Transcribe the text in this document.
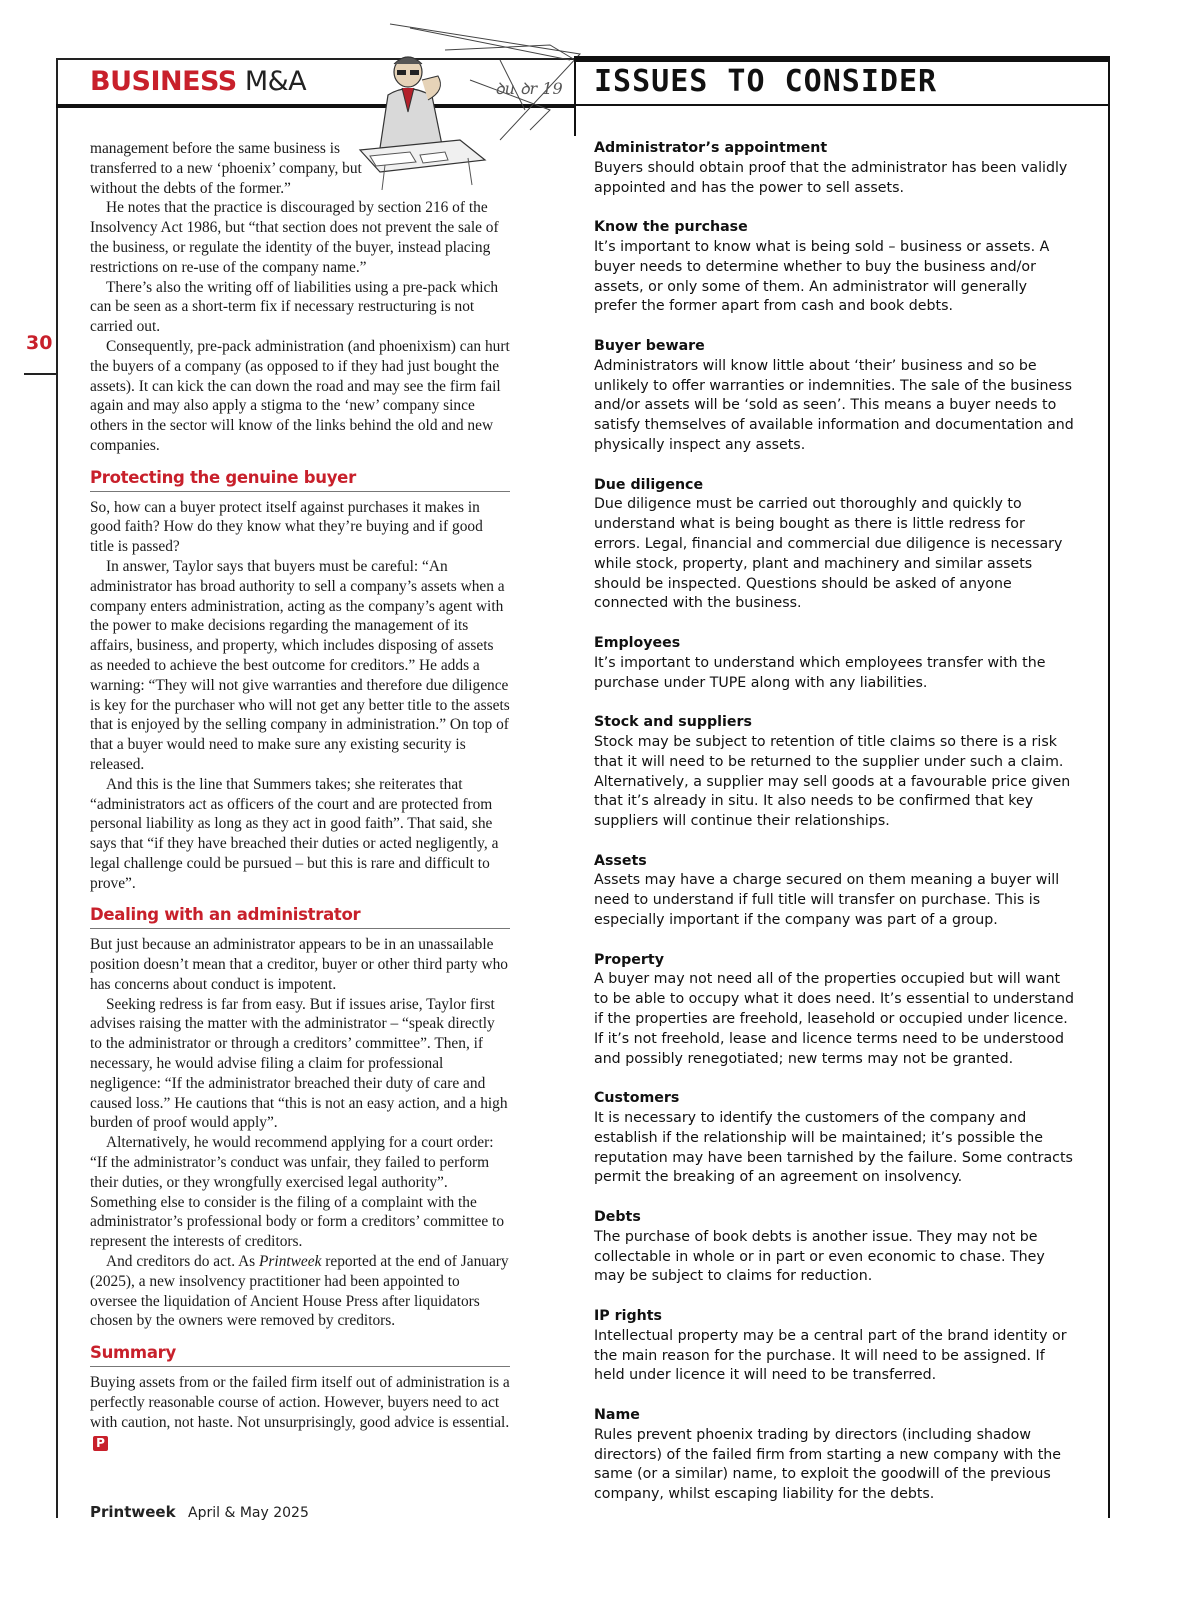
30
BUSINESS M&A	ꝺu ꝺr 19

management before the same business is transferred to a new ‘phoenix’ company, but without the debts of the former.”

He notes that the practice is discouraged by section 216 of the Insolvency Act 1986, but “that section does not prevent the sale of the business, or regulate the identity of the buyer, instead placing restrictions on re-use of the company name.”

There’s also the writing off of liabilities using a pre-pack which can be seen as a short-term fix if necessary restructuring is not carried out.

Consequently, pre-pack administration (and phoenixism) can hurt the buyers of a company (as opposed to if they had just bought the assets). It can kick the can down the road and may see the firm fail again and may also apply a stigma to the ‘new’ company since others in the sector will know of the links behind the old and new companies.

Protecting the genuine buyer

So, how can a buyer protect itself against purchases it makes in good faith? How do they know what they’re buying and if good title is passed?

In answer, Taylor says that buyers must be careful: “An administrator has broad authority to sell a company’s assets when a company enters administration, acting as the company’s agent with the power to make decisions regarding the management of its affairs, business, and property, which includes disposing of assets as needed to achieve the best outcome for creditors.” He adds a warning: “They will not give warranties and therefore due diligence is key for the purchaser who will not get any better title to the assets that is enjoyed by the selling company in administration.” On top of that a buyer would need to make sure any existing security is released.

And this is the line that Summers takes; she reiterates that “administrators act as officers of the court and are protected from personal liability as long as they act in good faith”. That said, she says that “if they have breached their duties or acted negligently, a legal challenge could be pursued – but this is rare and difficult to prove”.

Dealing with an administrator

But just because an administrator appears to be in an unassailable position doesn’t mean that a creditor, buyer or other third party who has concerns about conduct is impotent.

Seeking redress is far from easy. But if issues arise, Taylor first advises raising the matter with the administrator – “speak directly to the administrator or through a creditors’ committee”. Then, if necessary, he would advise filing a claim for professional negligence: “If the administrator breached their duty of care and caused loss.” He cautions that “this is not an easy action, and a high burden of proof would apply”.

Alternatively, he would recommend applying for a court order: “If the administrator’s conduct was unfair, they failed to perform their duties, or they wrongfully exercised legal authority”. Something else to consider is the filing of a complaint with the administrator’s professional body or form a creditors’ committee to represent the interests of creditors.

And creditors do act. As Printweek reported at the end of January (2025), a new insolvency practitioner had been appointed to oversee the liquidation of Ancient House Press after liquidators chosen by the owners were removed by creditors.

Summary

Buying assets from or the failed firm itself out of administration is a perfectly reasonable course of action. However, buyers need to act with caution, not haste. Not unsurprisingly, good advice is essential.P

Printweek April & May 2025
ISSUES TO CONSIDER

Administrator’s appointment

Buyers should obtain proof that the administrator has been validly appointed and has the power to sell assets.

Know the purchase

It’s important to know what is being sold – business or assets. A buyer needs to determine whether to buy the business and/or assets, or only some of them. An administrator will generally prefer the former apart from cash and book debts.

Buyer beware

Administrators will know little about ‘their’ business and so be unlikely to offer warranties or indemnities. The sale of the business and/or assets will be ‘sold as seen’. This means a buyer needs to satisfy themselves of available information and documentation and physically inspect any assets.

Due diligence

Due diligence must be carried out thoroughly and quickly to understand what is being bought as there is little redress for errors. Legal, financial and commercial due diligence is necessary while stock, property, plant and machinery and similar assets should be inspected. Questions should be asked of anyone connected with the business.

Employees

It’s important to understand which employees transfer with the purchase under TUPE along with any liabilities.

Stock and suppliers

Stock may be subject to retention of title claims so there is a risk that it will need to be returned to the supplier under such a claim. Alternatively, a supplier may sell goods at a favourable price given that it’s already in situ. It also needs to be confirmed that key suppliers will continue their relationships.

Assets

Assets may have a charge secured on them meaning a buyer will need to understand if full title will transfer on purchase. This is especially important if the company was part of a group.

Property

A buyer may not need all of the properties occupied but will want to be able to occupy what it does need. It’s essential to understand if the properties are freehold, leasehold or occupied under licence. If it’s not freehold, lease and licence terms need to be understood and possibly renegotiated; new terms may not be granted.

Customers

It is necessary to identify the customers of the company and establish if the relationship will be maintained; it’s possible the reputation may have been tarnished by the failure. Some contracts permit the breaking of an agreement on insolvency.

Debts

The purchase of book debts is another issue. They may not be collectable in whole or in part or even economic to chase. They may be subject to claims for reduction.

IP rights

Intellectual property may be a central part of the brand identity or the main reason for the purchase. It will need to be assigned. If held under licence it will need to be transferred.

Name

Rules prevent phoenix trading by directors (including shadow directors) of the failed firm from starting a new company with the same (or a similar) name, to exploit the goodwill of the previous company, whilst escaping liability for the debts.
